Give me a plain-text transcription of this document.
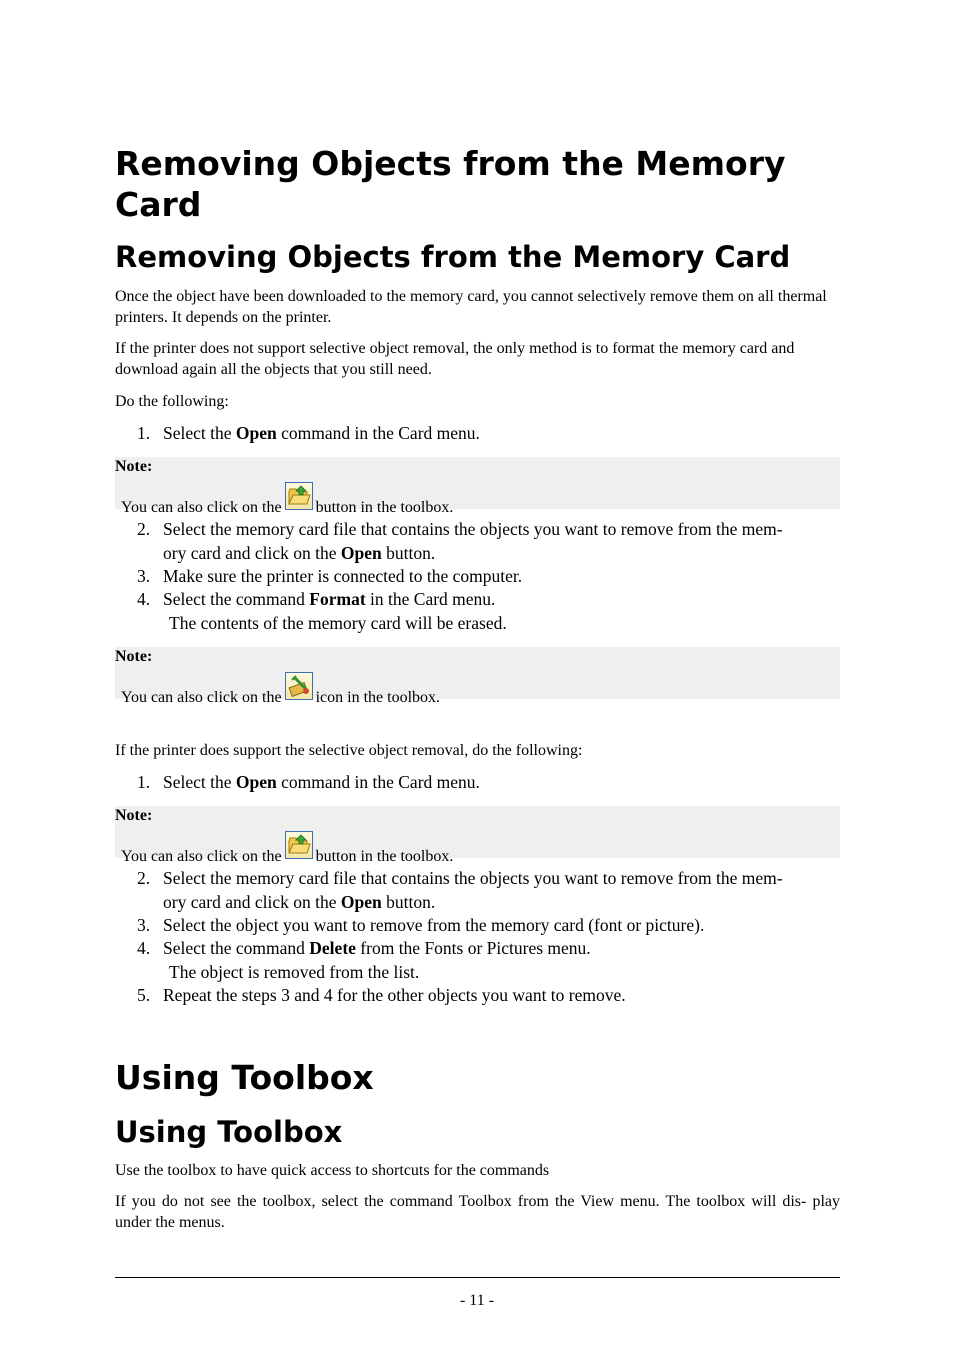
Removing Objects from the Memory Card
Removing Objects from the Memory Card

Once the object have been downloaded to the memory card, you cannot selectively remove them on all thermal printers. It depends on the printer.

If the printer does not support selective object removal, the only method is to format the memory card and download again all the objects that you still need.

Do the following:

1. Select the Open command in the Card menu.
Note:
You can also click on the button in the toolbox.
2. Select the memory card file that contains the objects you want to remove from the mem-
ory card and click on the Open button.
3. Make sure the printer is connected to the computer.
4. Select the command Format in the Card menu.
The contents of the memory card will be erased.
Note:
You can also click on the icon in the toolbox.

If the printer does support the selective object removal, do the following:

1. Select the Open command in the Card menu.
Note:
You can also click on the button in the toolbox.
2. Select the memory card file that contains the objects you want to remove from the mem-
ory card and click on the Open button.
3. Select the object you want to remove from the memory card (font or picture).
4. Select the command Delete from the Fonts or Pictures menu.
The object is removed from the list.
5. Repeat the steps 3 and 4 for the other objects you want to remove.
Using Toolbox
Using Toolbox

Use the toolbox to have quick access to shortcuts for the commands

If you do not see the toolbox, select the command Toolbox from the View menu. The toolbox will dis- play under the menus.

- 11 -
